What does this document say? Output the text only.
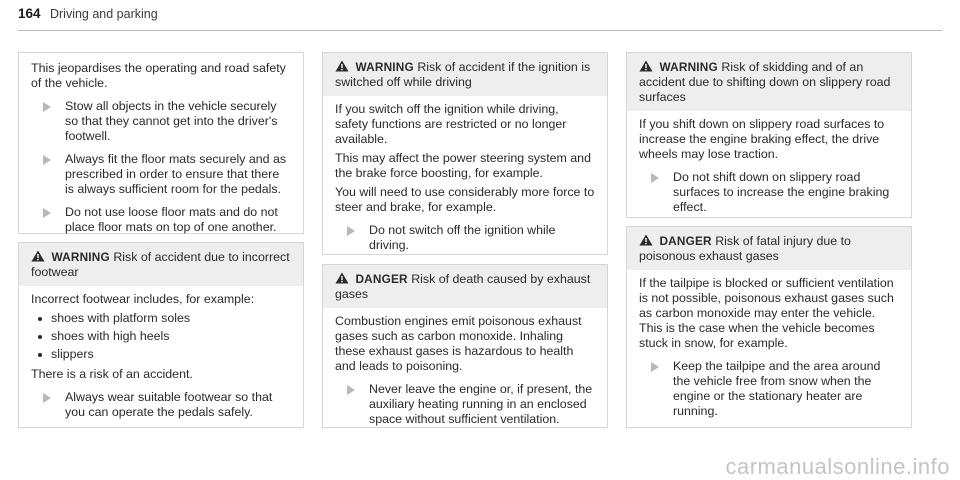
164 Driving and parking

This jeopardises the operating and road safety of the vehicle.

Stow all objects in the vehicle securely so that they cannot get into the driver's footwell.
Always fit the floor mats securely and as prescribed in order to ensure that there is always sufficient room for the pedals.
Do not use loose floor mats and do not place floor mats on top of one another.
WARNING Risk of accident due to incorrect footwear

Incorrect footwear includes, for example:

shoes with platform soles
shoes with high heels
slippers

There is a risk of an accident.

Always wear suitable footwear so that you can operate the pedals safely.
WARNING Risk of accident if the ignition is switched off while driving

If you switch off the ignition while driving, safety functions are restricted or no longer available.

This may affect the power steering system and the brake force boosting, for example.

You will need to use considerably more force to steer and brake, for example.

Do not switch off the ignition while driving.
DANGER Risk of death caused by exhaust gases

Combustion engines emit poisonous exhaust gases such as carbon monoxide. Inhaling these exhaust gases is hazardous to health and leads to poisoning.

Never leave the engine or, if present, the auxiliary heating running in an enclosed space without sufficient ventilation.
WARNING Risk of skidding and of an accident due to shifting down on slippery road surfaces

If you shift down on slippery road surfaces to increase the engine braking effect, the drive wheels may lose traction.

Do not shift down on slippery road surfaces to increase the engine braking effect.
DANGER Risk of fatal injury due to poisonous exhaust gases

If the tailpipe is blocked or sufficient ventilation is not possible, poisonous exhaust gases such as carbon monoxide may enter the vehicle. This is the case when the vehicle becomes stuck in snow, for example.

Keep the tailpipe and the area around the vehicle free from snow when the engine or the stationary heater are running.
carmanualsonline.info
